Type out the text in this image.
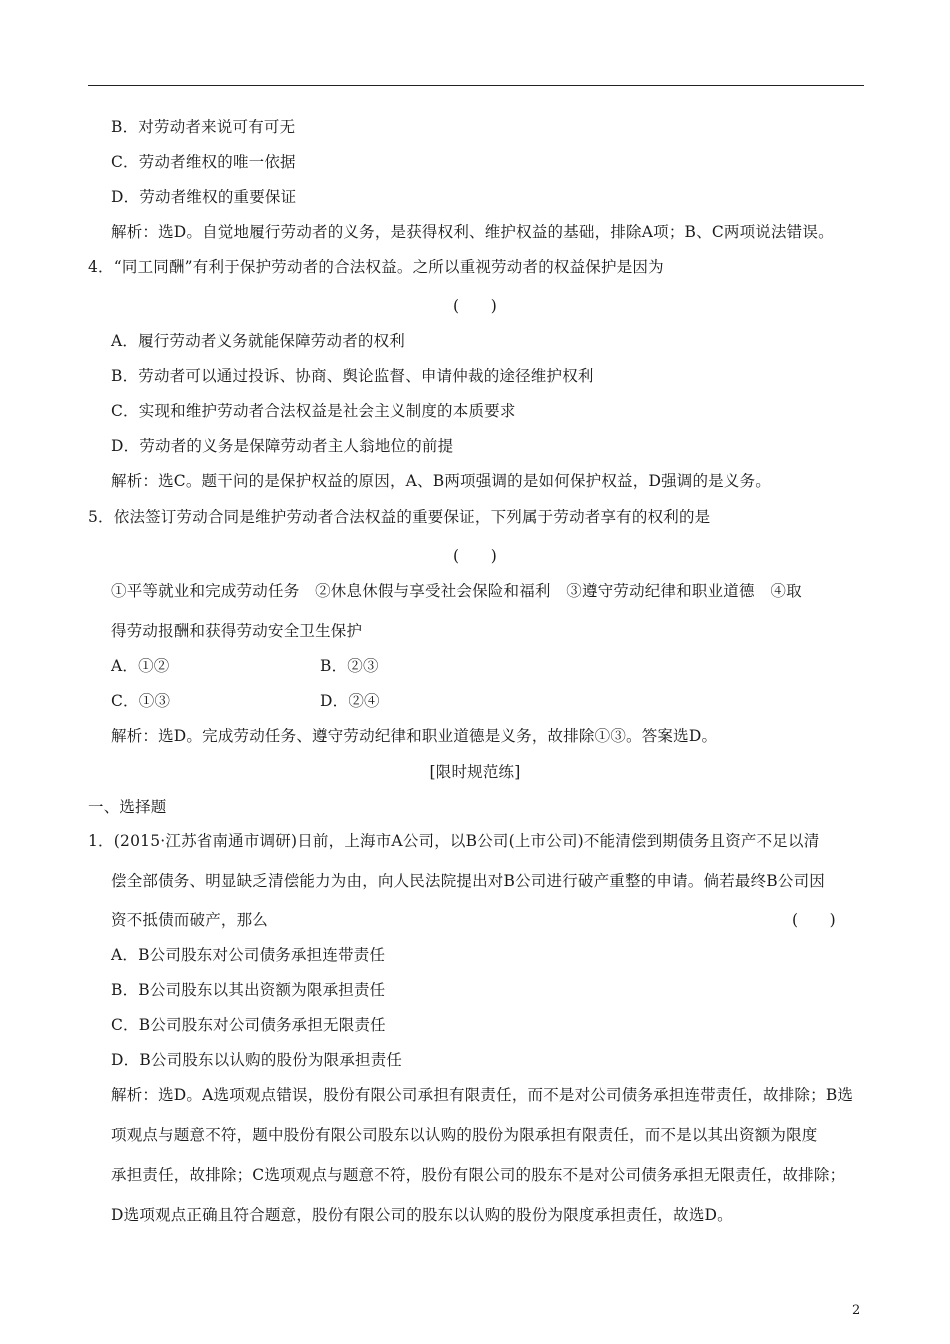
B．对劳动者来说可有可无
C．劳动者维权的唯一依据
D．劳动者维权的重要保证
解析：选D。自觉地履行劳动者的义务，是获得权利、维护权益的基础，排除A项；B、C两项说法错误。
4．“同工同酬”有利于保护劳动者的合法权益。之所以重视劳动者的权益保护是因为
(　　)
A．履行劳动者义务就能保障劳动者的权利
B．劳动者可以通过投诉、协商、舆论监督、申请仲裁的途径维护权利
C．实现和维护劳动者合法权益是社会主义制度的本质要求
D．劳动者的义务是保障劳动者主人翁地位的前提
解析：选C。题干问的是保护权益的原因，A、B两项强调的是如何保护权益，D强调的是义务。
5．依法签订劳动合同是维护劳动者合法权益的重要保证，下列属于劳动者享有的权利的是
(　　)
①平等就业和完成劳动任务　②休息休假与享受社会保险和福利　③遵守劳动纪律和职业道德　④取
得劳动报酬和获得劳动安全卫生保护
A．①②	B．②③
C．①③	D．②④
解析：选D。完成劳动任务、遵守劳动纪律和职业道德是义务，故排除①③。答案选D。
[限时规范练]
一、选择题
1．(2015·江苏省南通市调研)日前，上海市A公司，以B公司(上市公司)不能清偿到期债务且资产不足以清
偿全部债务、明显缺乏清偿能力为由，向人民法院提出对B公司进行破产重整的申请。倘若最终B公司因
资不抵债而破产，那么	(　　)
A．B公司股东对公司债务承担连带责任
B．B公司股东以其出资额为限承担责任
C．B公司股东对公司债务承担无限责任
D．B公司股东以认购的股份为限承担责任
解析：选D。A选项观点错误，股份有限公司承担有限责任，而不是对公司债务承担连带责任，故排除；B选
项观点与题意不符，题中股份有限公司股东以认购的股份为限承担有限责任，而不是以其出资额为限度
承担责任，故排除；C选项观点与题意不符，股份有限公司的股东不是对公司债务承担无限责任，故排除；
D选项观点正确且符合题意，股份有限公司的股东以认购的股份为限度承担责任，故选D。
2
